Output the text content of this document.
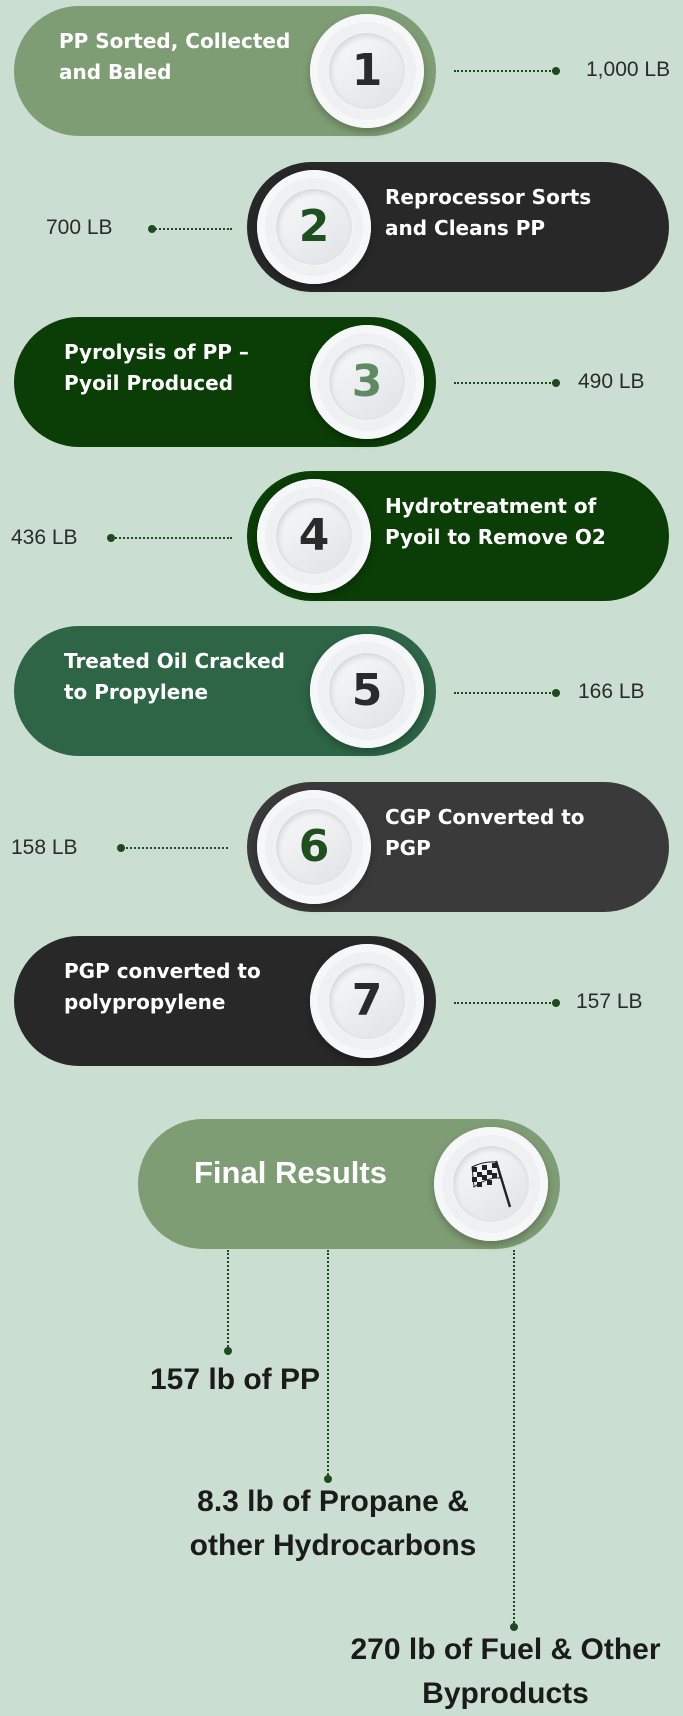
PP Sorted, Collected and Baled	1	1,000 LB
2
Reprocessor Sorts and Cleans PP
700 LB
Pyrolysis of PP – Pyoil Produced	3	490 LB
4
Hydrotreatment of Pyoil to Remove O2
436 LB
Treated Oil Cracked to Propylene	5	166 LB
6
CGP Converted to PGP
158 LB
PGP converted to polypropylene	7	157 LB
Final Results
157 lb of PP
8.3 lb of Propane & other Hydrocarbons
270 lb of Fuel & Other Byproducts
